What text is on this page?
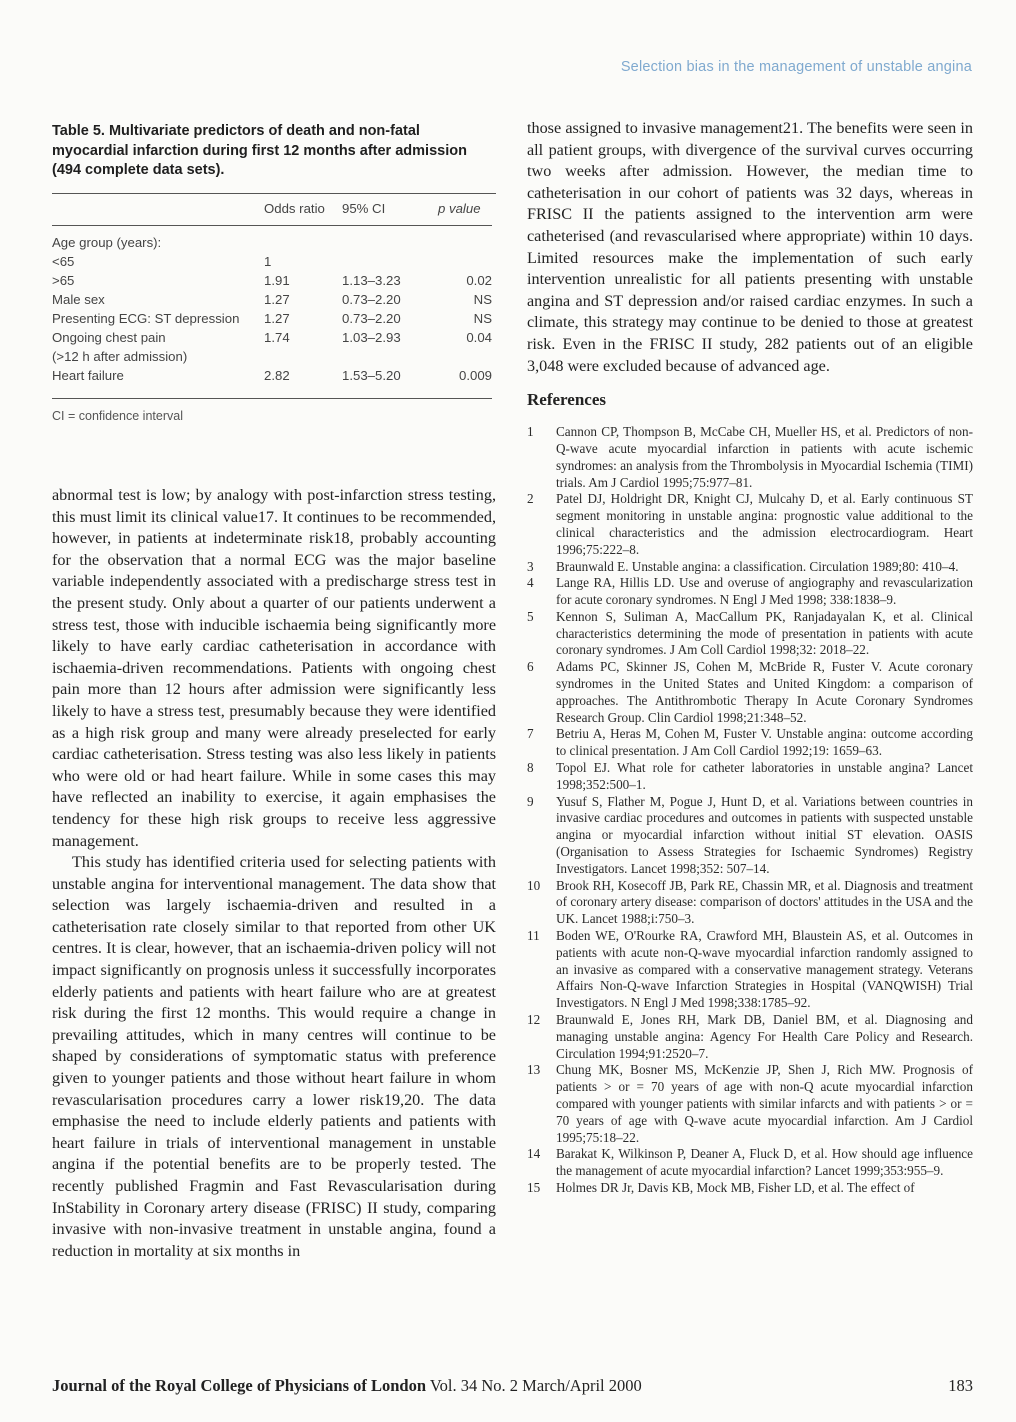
Selection bias in the management of unstable angina

Table 5. Multivariate predictors of death and non-fatal myocardial infarction during first 12 months after admission (494 complete data sets).

	Odds ratio	95% CI	p value
Age group (years):			
<65	1		
>65	1.91	1.13–3.23	0.02
Male sex	1.27	0.73–2.20	NS
Presenting ECG: ST depression	1.27	0.73–2.20	NS
Ongoing chest pain	1.74	1.03–2.93	0.04
(>12 h after admission)			
Heart failure	2.82	1.53–5.20	0.009
CI = confidence interval

abnormal test is low; by analogy with post-infarction stress testing, this must limit its clinical value17. It continues to be recommended, however, in patients at indeterminate risk18, probably accounting for the observation that a normal ECG was the major baseline variable independently associated with a predischarge stress test in the present study. Only about a quarter of our patients underwent a stress test, those with inducible ischaemia being significantly more likely to have early cardiac catheterisation in accordance with ischaemia-driven recommendations. Patients with ongoing chest pain more than 12 hours after admission were significantly less likely to have a stress test, presumably because they were identified as a high risk group and many were already preselected for early cardiac catheterisation. Stress testing was also less likely in patients who were old or had heart failure. While in some cases this may have reflected an inability to exercise, it again emphasises the tendency for these high risk groups to receive less aggressive management.

This study has identified criteria used for selecting patients with unstable angina for interventional management. The data show that selection was largely ischaemia-driven and resulted in a catheterisation rate closely similar to that reported from other UK centres. It is clear, however, that an ischaemia-driven policy will not impact significantly on prognosis unless it successfully incorporates elderly patients and patients with heart failure who are at greatest risk during the first 12 months. This would require a change in prevailing attitudes, which in many centres will continue to be shaped by considerations of symptomatic status with preference given to younger patients and those without heart failure in whom revascularisation procedures carry a lower risk19,20. The data emphasise the need to include elderly patients and patients with heart failure in trials of interventional management in unstable angina if the potential benefits are to be properly tested. The recently published Fragmin and Fast Revascularisation during InStability in Coronary artery disease (FRISC) II study, comparing invasive with non-invasive treatment in unstable angina, found a reduction in mortality at six months in

those assigned to invasive management21. The benefits were seen in all patient groups, with divergence of the survival curves occurring two weeks after admission. However, the median time to catheterisation in our cohort of patients was 32 days, whereas in FRISC II the patients assigned to the intervention arm were catheterised (and revascularised where appropriate) within 10 days. Limited resources make the implementation of such early intervention unrealistic for all patients presenting with unstable angina and ST depression and/or raised cardiac enzymes. In such a climate, this strategy may continue to be denied to those at greatest risk. Even in the FRISC II study, 282 patients out of an eligible 3,048 were excluded because of advanced age.

References
1	Cannon CP, Thompson B, McCabe CH, Mueller HS, et al. Predictors of non-Q-wave acute myocardial infarction in patients with acute ischemic syndromes: an analysis from the Thrombolysis in Myocardial Ischemia (TIMI) trials. Am J Cardiol 1995;75:977–81.
2	Patel DJ, Holdright DR, Knight CJ, Mulcahy D, et al. Early continuous ST segment monitoring in unstable angina: prognostic value additional to the clinical characteristics and the admission electrocardiogram. Heart 1996;75:222–8.
3	Braunwald E. Unstable angina: a classification. Circulation 1989;80: 410–4.
4	Lange RA, Hillis LD. Use and overuse of angiography and revascularization for acute coronary syndromes. N Engl J Med 1998; 338:1838–9.
5	Kennon S, Suliman A, MacCallum PK, Ranjadayalan K, et al. Clinical characteristics determining the mode of presentation in patients with acute coronary syndromes. J Am Coll Cardiol 1998;32: 2018–22.
6	Adams PC, Skinner JS, Cohen M, McBride R, Fuster V. Acute coronary syndromes in the United States and United Kingdom: a comparison of approaches. The Antithrombotic Therapy In Acute Coronary Syndromes Research Group. Clin Cardiol 1998;21:348–52.
7	Betriu A, Heras M, Cohen M, Fuster V. Unstable angina: outcome according to clinical presentation. J Am Coll Cardiol 1992;19: 1659–63.
8	Topol EJ. What role for catheter laboratories in unstable angina? Lancet 1998;352:500–1.
9	Yusuf S, Flather M, Pogue J, Hunt D, et al. Variations between countries in invasive cardiac procedures and outcomes in patients with suspected unstable angina or myocardial infarction without initial ST elevation. OASIS (Organisation to Assess Strategies for Ischaemic Syndromes) Registry Investigators. Lancet 1998;352: 507–14.
10	Brook RH, Kosecoff JB, Park RE, Chassin MR, et al. Diagnosis and treatment of coronary artery disease: comparison of doctors' attitudes in the USA and the UK. Lancet 1988;i:750–3.
11	Boden WE, O'Rourke RA, Crawford MH, Blaustein AS, et al. Outcomes in patients with acute non-Q-wave myocardial infarction randomly assigned to an invasive as compared with a conservative management strategy. Veterans Affairs Non-Q-wave Infarction Strategies in Hospital (VANQWISH) Trial Investigators. N Engl J Med 1998;338:1785–92.
12	Braunwald E, Jones RH, Mark DB, Daniel BM, et al. Diagnosing and managing unstable angina: Agency For Health Care Policy and Research. Circulation 1994;91:2520–7.
13	Chung MK, Bosner MS, McKenzie JP, Shen J, Rich MW. Prognosis of patients > or = 70 years of age with non-Q acute myocardial infarction compared with younger patients with similar infarcts and with patients > or = 70 years of age with Q-wave acute myocardial infarction. Am J Cardiol 1995;75:18–22.
14	Barakat K, Wilkinson P, Deaner A, Fluck D, et al. How should age influence the management of acute myocardial infarction? Lancet 1999;353:955–9.
15	Holmes DR Jr, Davis KB, Mock MB, Fisher LD, et al. The effect of
Journal of the Royal College of Physicians of London Vol. 34 No. 2 March/April 2000	183
